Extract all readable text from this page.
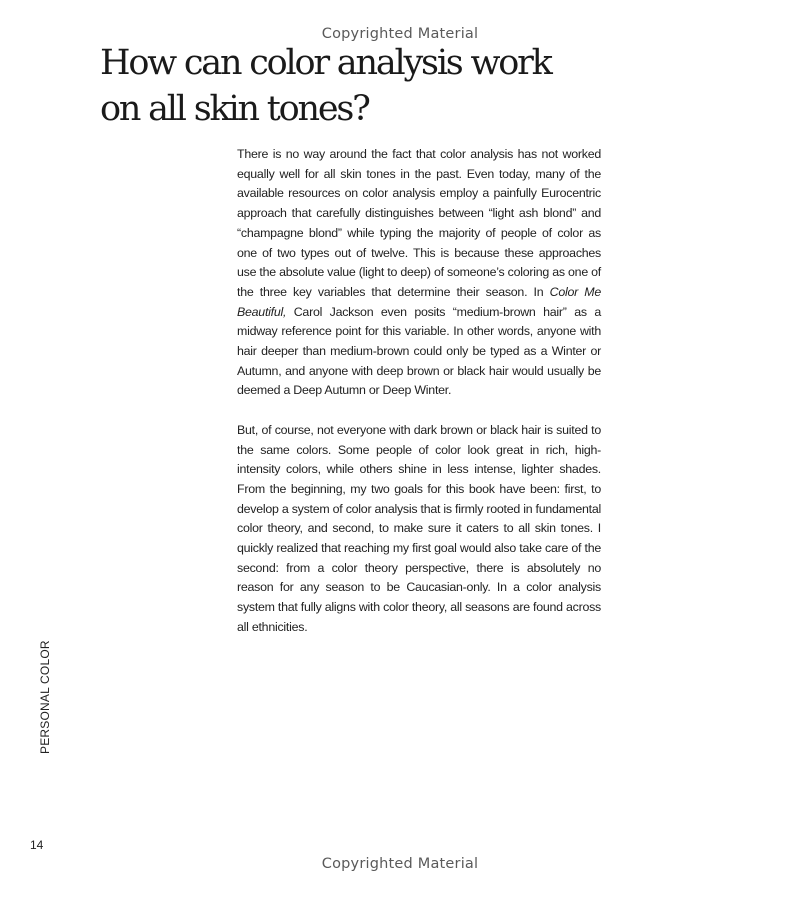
Copyrighted Material
How can color analysis work
on all skin tones?

There is no way around the fact that color analysis has not worked equally well for all skin tones in the past. Even today, many of the available resources on color analysis employ a painfully Eurocentric approach that carefully distinguishes between “light ash blond” and “champagne blond” while typing the majority of people of color as one of two types out of twelve. This is because these approaches use the absolute value (light to deep) of someone’s coloring as one of the three key variables that determine their season. In Color Me Beautiful, Carol Jackson even posits “medium-brown hair” as a midway reference point for this variable. In other words, anyone with hair deeper than medium-brown could only be typed as a Winter or Autumn, and anyone with deep brown or black hair would usually be deemed a Deep Autumn or Deep Winter.

But, of course, not everyone with dark brown or black hair is suited to the same colors. Some people of color look great in rich, high-intensity colors, while others shine in less intense, lighter shades. From the beginning, my two goals for this book have been: first, to develop a system of color analysis that is firmly rooted in fundamental color theory, and second, to make sure it caters to all skin tones. I quickly realized that reaching my first goal would also take care of the second: from a color theory perspective, there is absolutely no reason for any season to be Caucasian-only. In a color analysis system that fully aligns with color theory, all seasons are found across all ethnicities.

PERSONAL COLOR
14
Copyrighted Material
